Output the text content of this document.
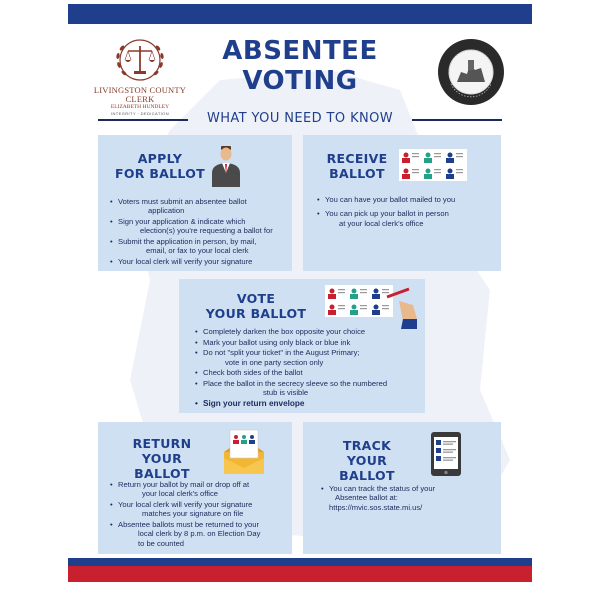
LIVINGSTON COUNTY CLERK
ELIZABETH HUNDLEY
INTEGRITY · DEDICATION
ABSENTEE
VOTING
WHAT YOU NEED TO KNOW
APPLY
FOR BALLOT
• Voters must submit an absentee ballot
application
• Sign your application & indicate which
election(s) you're requesting a ballot for
• Submit the application in person, by mail,
email, or fax to your local clerk
• Your local clerk will verify your signature
RECEIVE
BALLOT
• You can have your ballot mailed to you
• You can pick up your ballot in person
at your local clerk's office
VOTE
YOUR BALLOT
• Completely darken the box opposite your choice
• Mark your ballot using only black or blue ink
• Do not "split your ticket" in the August Primary;
vote in one party section only
• Check both sides of the ballot
• Place the ballot in the secrecy sleeve so the numbered
stub is visible
• Sign your return envelope
RETURN
YOUR BALLOT
• Return your ballot by mail or drop off at
your local clerk's office
• Your local clerk will verify your signature
matches your signature on file
• Absentee ballots must be returned to your
local clerk by 8 p.m. on Election Day
to be counted
TRACK
YOUR BALLOT
• You can track the status of your
Absentee ballot at:
https://mvic.sos.state.mi.us/
